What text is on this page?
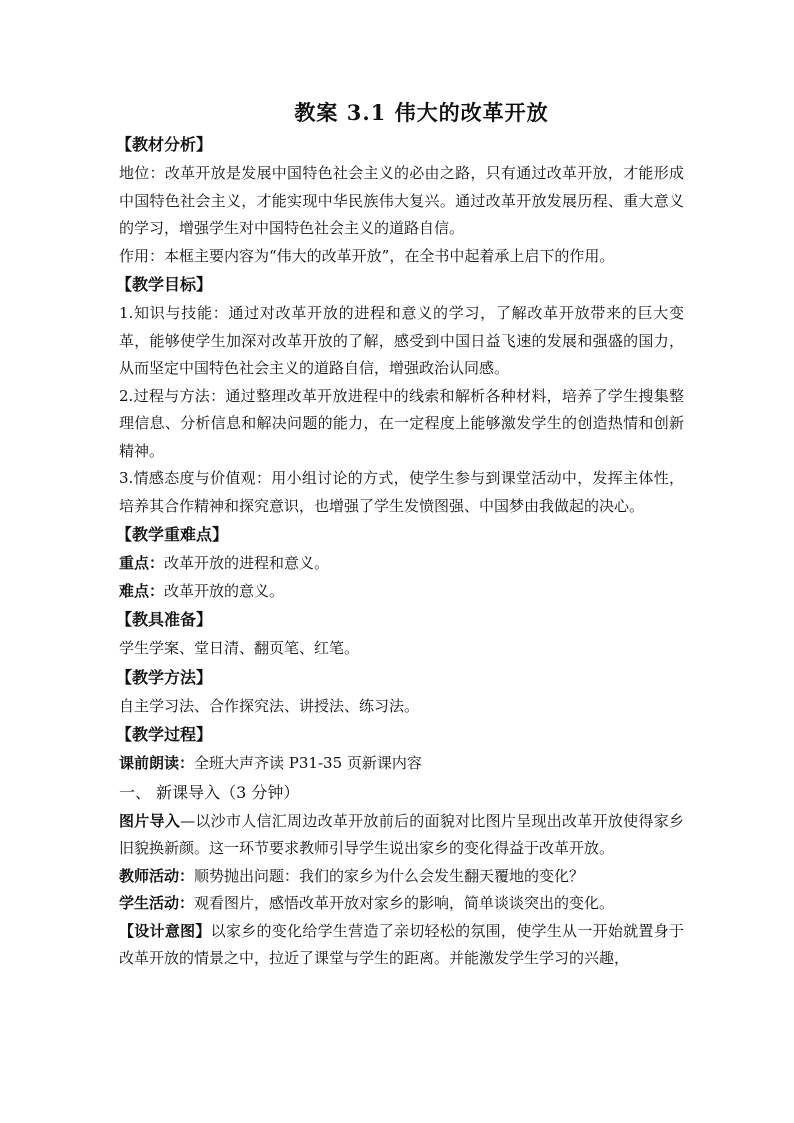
教案 3.1 伟大的改革开放
【教材分析】
地位：改革开放是发展中国特色社会主义的必由之路，只有通过改革开放，才能形成中国特色社会主义，才能实现中华民族伟大复兴。通过改革开放发展历程、重大意义的学习，增强学生对中国特色社会主义的道路自信。
作用：本框主要内容为“伟大的改革开放”，在全书中起着承上启下的作用。
【教学目标】
1.知识与技能：通过对改革开放的进程和意义的学习，了解改革开放带来的巨大变革，能够使学生加深对改革开放的了解，感受到中国日益飞速的发展和强盛的国力，从而坚定中国特色社会主义的道路自信，增强政治认同感。
2.过程与方法：通过整理改革开放进程中的线索和解析各种材料，培养了学生搜集整理信息、分析信息和解决问题的能力，在一定程度上能够激发学生的创造热情和创新精神。
3.情感态度与价值观：用小组讨论的方式，使学生参与到课堂活动中，发挥主体性，培养其合作精神和探究意识，也增强了学生发愤图强、中国梦由我做起的决心。
【教学重难点】
重点：改革开放的进程和意义。
难点：改革开放的意义。
【教具准备】
学生学案、堂日清、翻页笔、红笔。
【教学方法】
自主学习法、合作探究法、讲授法、练习法。
【教学过程】
课前朗读：全班大声齐读 P31-35 页新课内容
一、 新课导入（3 分钟）
图片导入—以沙市人信汇周边改革开放前后的面貌对比图片呈现出改革开放使得家乡旧貌换新颜。这一环节要求教师引导学生说出家乡的变化得益于改革开放。
教师活动：顺势抛出问题：我们的家乡为什么会发生翻天覆地的变化？
学生活动：观看图片，感悟改革开放对家乡的影响，简单谈谈突出的变化。
【设计意图】以家乡的变化给学生营造了亲切轻松的氛围，使学生从一开始就置身于改革开放的情景之中，拉近了课堂与学生的距离。并能激发学生学习的兴趣，
